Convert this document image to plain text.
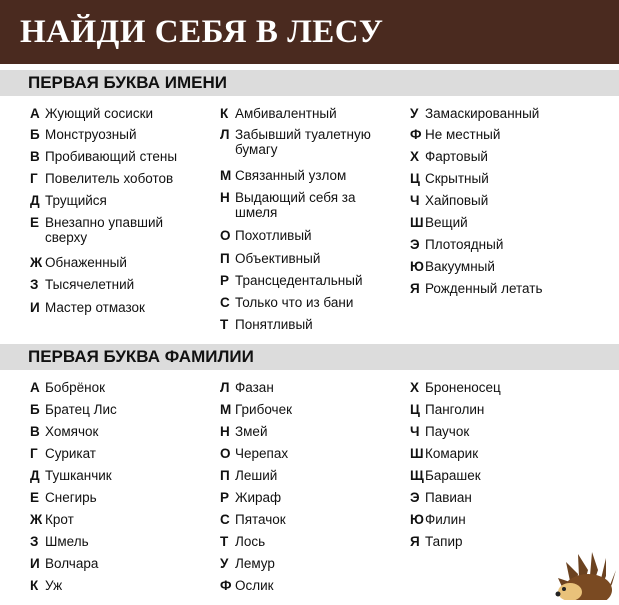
НАЙДИ СЕБЯ В ЛЕСУ
ПЕРВАЯ БУКВА ИМЕНИ
А Жующий сосиски
Б Монструозный
В Пробивающий стены
Г Повелитель хоботов
Д Трущийся
Е Внезапно упавший сверху
Ж Обнаженный
З Тысячелетний
И Мастер отмазок
К Амбивалентный
Л Забывший туалетную бумагу
М Связанный узлом
Н Выдающий себя за шмеля
О Похотливый
П Объективный
Р Трансцедентальный
С Только что из бани
Т Понятливый
У Замаскированный
Ф Не местный
Х Фартовый
Ц Скрытный
Ч Хайповый
ШВещий
Э Плотоядный
ЮВакуумный
Я Рожденный летать
ПЕРВАЯ БУКВА ФАМИЛИИ
А Бобрёнок
Б Братец Лис
В Хомячок
Г Сурикат
Д Тушканчик
Е Снегирь
Ж Крот
З Шмель
И Волчара
К Уж
Л Фазан
М Грибочек
Н Змей
О Черепах
П Леший
Р Жираф
С Пятачок
Т Лось
У Лемур
Ф Ослик
Х Броненосец
Ц Панголин
Ч Паучок
ШКомарик
ЩБарашек
Э Павиан
ЮФилин
Я Тапир
